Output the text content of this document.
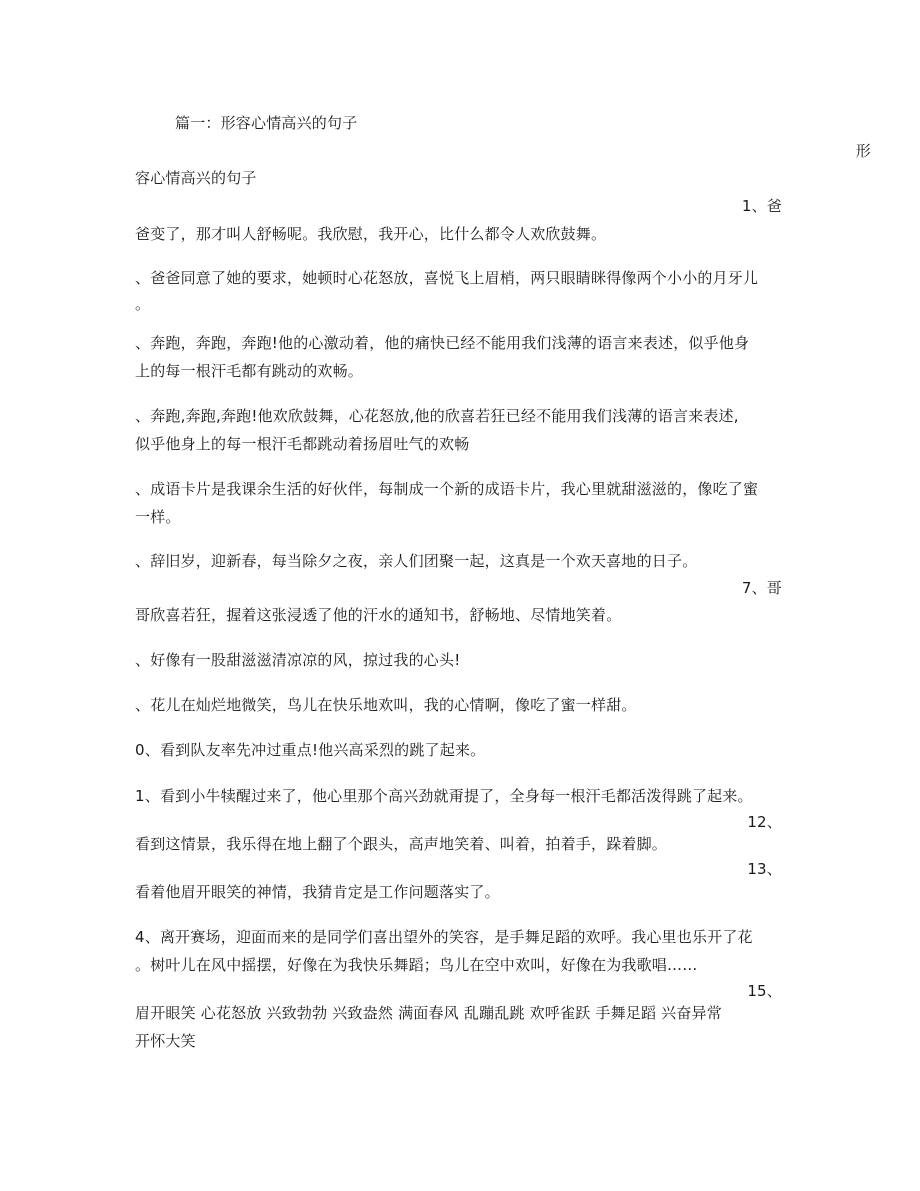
篇一：形容心情高兴的句子
形
容心情高兴的句子
1、爸
爸变了，那才叫人舒畅呢。我欣慰，我开心，比什么都令人欢欣鼓舞。
、爸爸同意了她的要求，她顿时心花怒放，喜悦飞上眉梢，两只眼睛眯得像两个小小的月牙儿
。
、奔跑，奔跑，奔跑!他的心激动着，他的痛快已经不能用我们浅薄的语言来表述，似乎他身
上的每一根汗毛都有跳动的欢畅。
、奔跑,奔跑,奔跑!他欢欣鼓舞，心花怒放,他的欣喜若狂已经不能用我们浅薄的语言来表述,
似乎他身上的每一根汗毛都跳动着扬眉吐气的欢畅
、成语卡片是我课余生活的好伙伴，每制成一个新的成语卡片，我心里就甜滋滋的，像吃了蜜
一样。
、辞旧岁，迎新春，每当除夕之夜，亲人们团聚一起，这真是一个欢天喜地的日子。
7、哥
哥欣喜若狂，握着这张浸透了他的汗水的通知书，舒畅地、尽情地笑着。
、好像有一股甜滋滋清凉凉的风，掠过我的心头!
、花儿在灿烂地微笑，鸟儿在快乐地欢叫，我的心情啊，像吃了蜜一样甜。
0、看到队友率先冲过重点!他兴高采烈的跳了起来。
1、看到小牛犊醒过来了，他心里那个高兴劲就甭提了，全身每一根汗毛都活泼得跳了起来。
12、
看到这情景，我乐得在地上翻了个跟头，高声地笑着、叫着，拍着手，跺着脚。
13、
看着他眉开眼笑的神情，我猜肯定是工作问题落实了。
4、离开赛场，迎面而来的是同学们喜出望外的笑容，是手舞足蹈的欢呼。我心里也乐开了花
。树叶儿在风中摇摆，好像在为我快乐舞蹈；鸟儿在空中欢叫，好像在为我歌唱……
15、
眉开眼笑 心花怒放 兴致勃勃 兴致盎然 满面春风 乱蹦乱跳 欢呼雀跃 手舞足蹈 兴奋异常
开怀大笑
